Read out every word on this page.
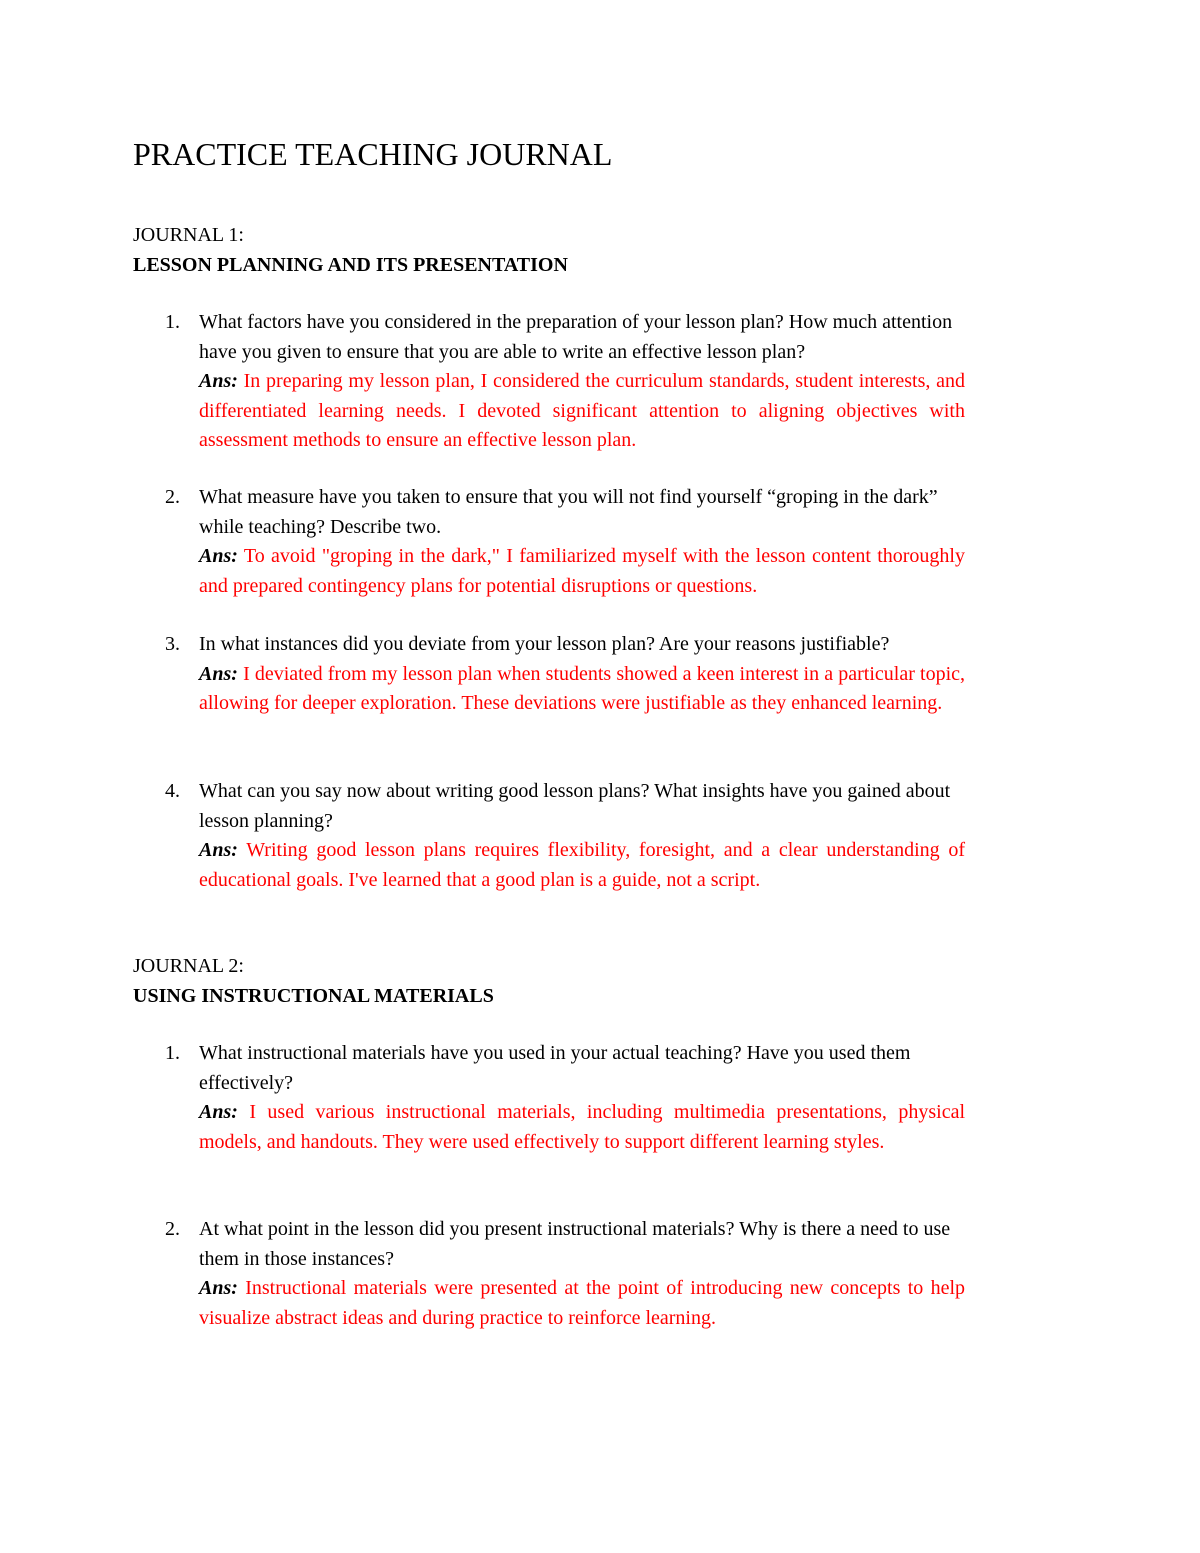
PRACTICE TEACHING JOURNAL
JOURNAL 1:
LESSON PLANNING AND ITS PRESENTATION
1. What factors have you considered in the preparation of your lesson plan? How much attention have you given to ensure that you are able to write an effective lesson plan?
Ans: In preparing my lesson plan, I considered the curriculum standards, student interests, and differentiated learning needs. I devoted significant attention to aligning objectives with assessment methods to ensure an effective lesson plan.
2. What measure have you taken to ensure that you will not find yourself “groping in the dark” while teaching? Describe two.
Ans: To avoid "groping in the dark," I familiarized myself with the lesson content thoroughly and prepared contingency plans for potential disruptions or questions.
3. In what instances did you deviate from your lesson plan? Are your reasons justifiable?
Ans: I deviated from my lesson plan when students showed a keen interest in a particular topic, allowing for deeper exploration. These deviations were justifiable as they enhanced learning.
4. What can you say now about writing good lesson plans? What insights have you gained about lesson planning?
Ans: Writing good lesson plans requires flexibility, foresight, and a clear understanding of educational goals. I've learned that a good plan is a guide, not a script.
JOURNAL 2:
USING INSTRUCTIONAL MATERIALS
1. What instructional materials have you used in your actual teaching? Have you used them effectively?
Ans: I used various instructional materials, including multimedia presentations, physical models, and handouts. They were used effectively to support different learning styles.
2. At what point in the lesson did you present instructional materials? Why is there a need to use them in those instances?
Ans: Instructional materials were presented at the point of introducing new concepts to help visualize abstract ideas and during practice to reinforce learning.
